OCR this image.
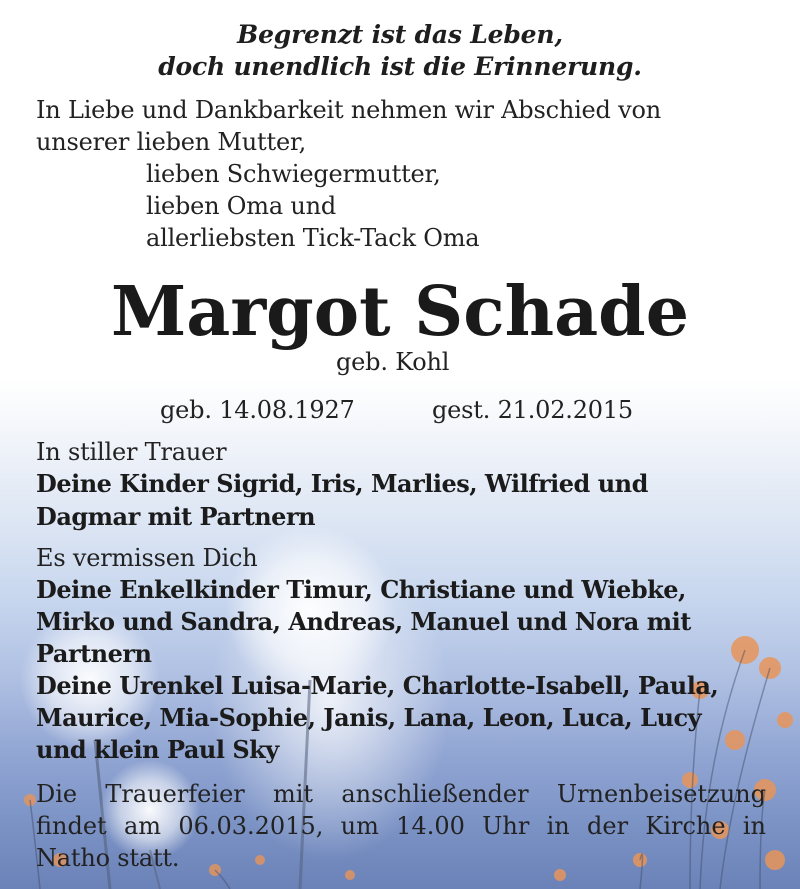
Begrenzt ist das Leben,
doch unendlich ist die Erinnerung.
In Liebe und Dankbarkeit nehmen wir Abschied von
unserer lieben Mutter,
lieben Schwiegermutter,
lieben Oma und
allerliebsten Tick-Tack Oma
Margot Schade
geb. Kohl
geb. 14.08.1927	gest. 21.02.2015
In stiller Trauer
Deine Kinder Sigrid, Iris, Marlies, Wilfried und
Dagmar mit Partnern
Es vermissen Dich
Deine Enkelkinder Timur, Christiane und Wiebke,
Mirko und Sandra, Andreas, Manuel und Nora mit
Partnern
Deine Urenkel Luisa-Marie, Charlotte-Isabell, Paula,
Maurice, Mia-Sophie, Janis, Lana, Leon, Luca, Lucy
und klein Paul Sky
Die Trauerfeier mit anschließender Urnenbeisetzung
findet am 06.03.2015, um 14.00 Uhr in der Kirche in
Natho statt.
